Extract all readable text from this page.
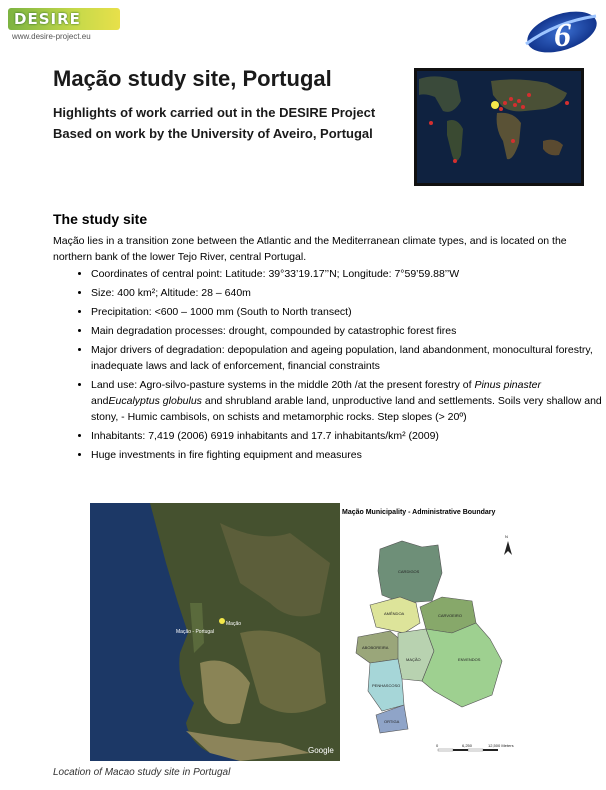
DESIRE
www.desire-project.eu	6
Mação study site, Portugal
Highlights of work carried out in the DESIRE Project
Based on work by the University of Aveiro, Portugal
The study site
Mação lies in a transition zone between the Atlantic and the Mediterranean climate types, and is located on the northern bank of the lower Tejo River, central Portugal.
• Coordinates of central point: Latitude: 39°33’19.17’’N; Longitude: 7°59’59.88’’W
• Size: 400 km²; Altitude: 28 – 640m
• Precipitation: <600 – 1000 mm (South to North transect)
• Main degradation processes: drought, compounded by catastrophic forest fires
• Major drivers of degradation: depopulation and ageing population, land abandonment, monocultural forestry, inadequate laws and lack of enforcement, financial constraints
• Land use: Agro-silvo-pasture systems in the middle 20th /at the present forestry of Pinus pinaster andEucalyptus globulus and shrubland arable land, unproductive land and settlements. Soils very shallow and stony, - Humic cambisols, on schists and metamorphic rocks. Step slopes (> 20º)
• Inhabitants: 7,419 (2006) 6919 inhabitants and 17.7 inhabitants/km² (2009)
• Huge investments in fire fighting equipment and measures
Mação - Portugal
Mação
Google
Mação Municipality - Administrative Boundary
N
CARDIGOS
AMÊNDOA	CARVOEIRO
ABOBOREIRA
MAÇÃO	ENVENDOS
PENHASCOSO
ORTIGA
0	6,250	12,500 Meters
Location of Macao study site in Portugal
